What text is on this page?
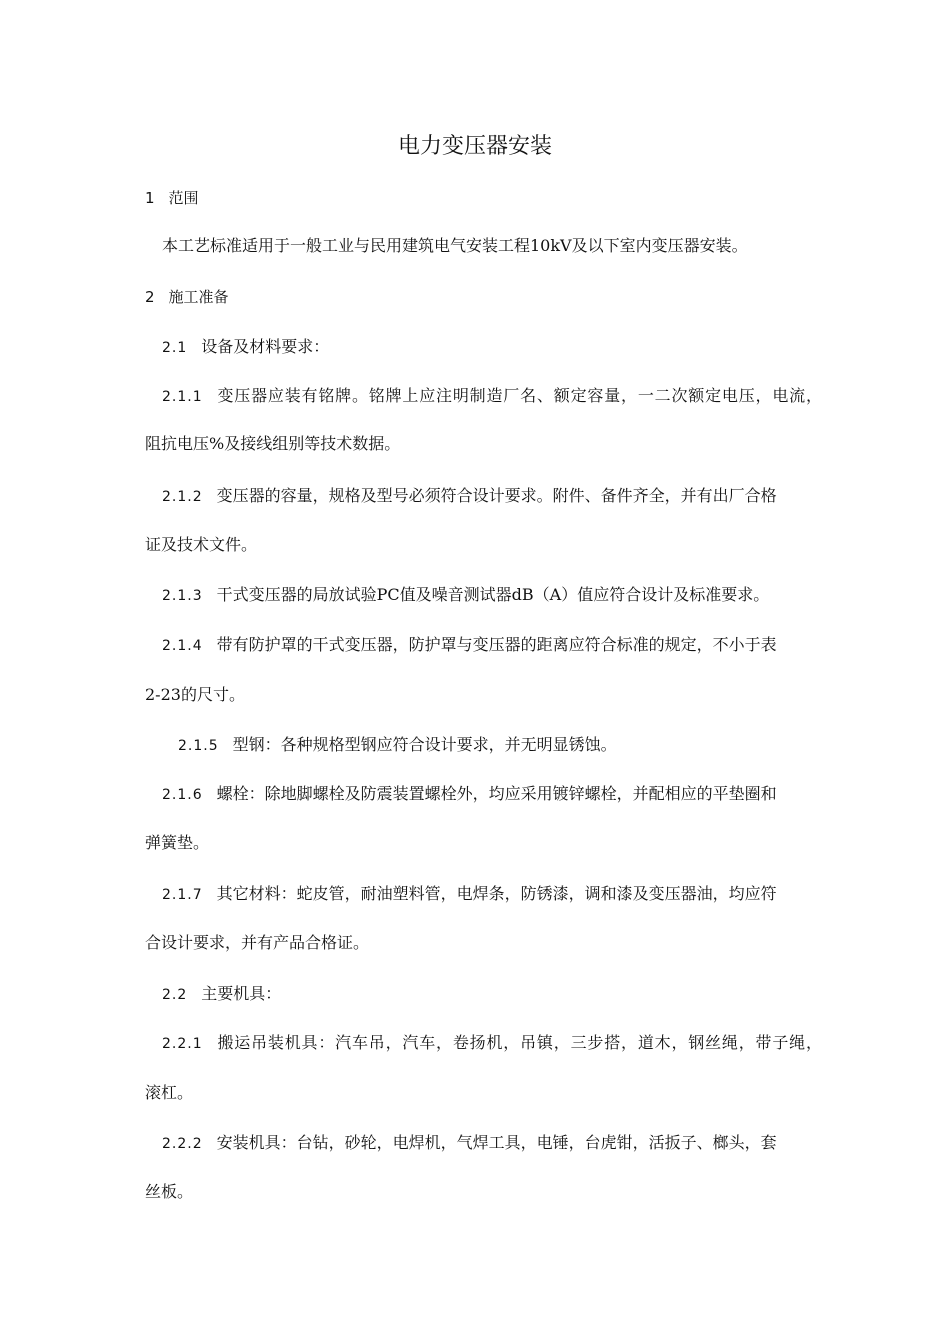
电力变压器安装
1 范围
本工艺标准适用于一般工业与民用建筑电气安装工程10kV及以下室内变压器安装。
2 施工准备
2.1 设备及材料要求：
2.1.1 变压器应装有铭牌。铭牌上应注明制造厂名、额定容量，一二次额定电压，电流，
阻抗电压%及接线组别等技术数据。
2.1.2 变压器的容量，规格及型号必须符合设计要求。附件、备件齐全，并有出厂合格
证及技术文件。
2.1.3 干式变压器的局放试验PC值及噪音测试器dB（A）值应符合设计及标准要求。
2.1.4 带有防护罩的干式变压器，防护罩与变压器的距离应符合标准的规定，不小于表
2-23的尺寸。
2.1.5 型钢：各种规格型钢应符合设计要求，并无明显锈蚀。
2.1.6 螺栓：除地脚螺栓及防震装置螺栓外，均应采用镀锌螺栓，并配相应的平垫圈和
弹簧垫。
2.1.7 其它材料：蛇皮管，耐油塑料管，电焊条，防锈漆，调和漆及变压器油，均应符
合设计要求，并有产品合格证。
2.2 主要机具：
2.2.1 搬运吊装机具：汽车吊，汽车，卷扬机，吊镇，三步搭，道木，钢丝绳，带子绳，
滚杠。
2.2.2 安装机具：台钻，砂轮，电焊机，气焊工具，电锤，台虎钳，活扳子、榔头，套
丝板。
